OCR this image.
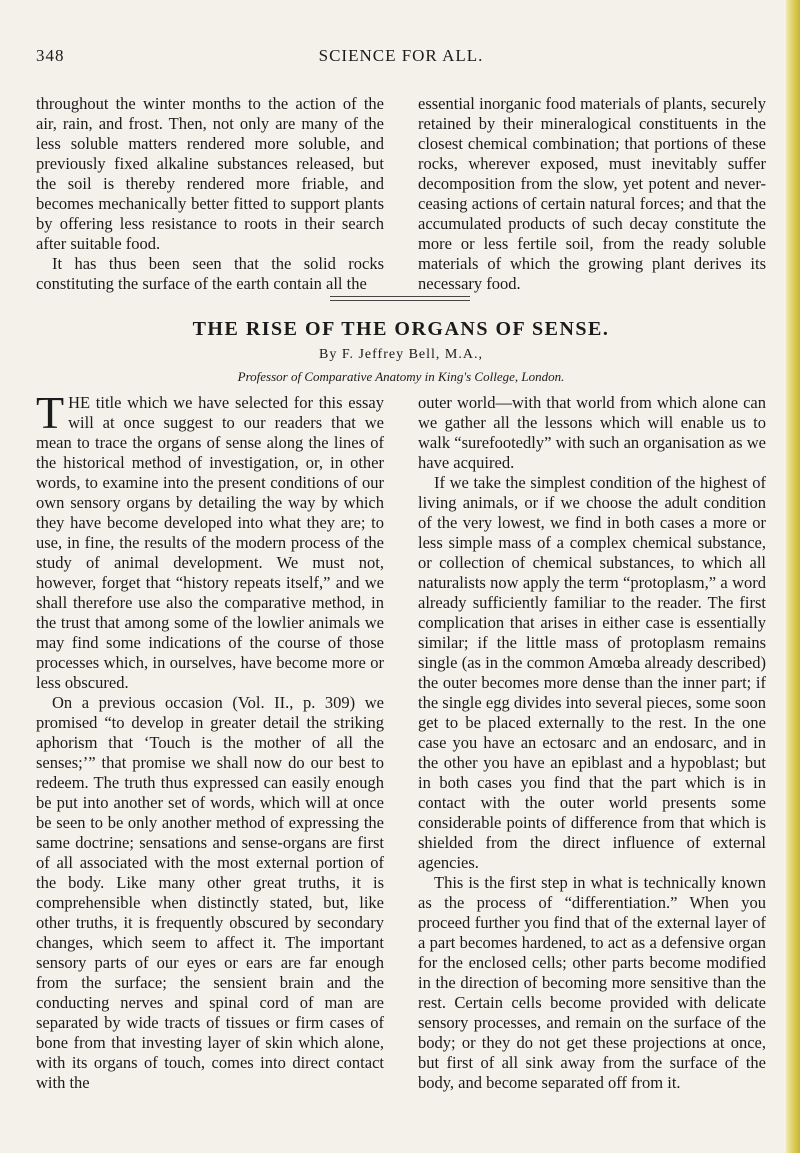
SCIENCE FOR ALL.
348

throughout the winter months to the action of the air, rain, and frost. Then, not only are many of the less soluble matters rendered more soluble, and previously fixed alkaline substances released, but the soil is thereby rendered more friable, and becomes mechanically better fitted to support plants by offering less resistance to roots in their search after suitable food.

It has thus been seen that the solid rocks constituting the surface of the earth contain all the

essential inorganic food materials of plants, securely retained by their mineralogical constituents in the closest chemical combination; that portions of these rocks, wherever exposed, must inevitably suffer decomposition from the slow, yet potent and never-ceasing actions of certain natural forces; and that the accumulated products of such decay constitute the more or less fertile soil, from the ready soluble materials of which the growing plant derives its necessary food.

THE RISE OF THE ORGANS OF SENSE.
By F. Jeffrey Bell, M.A.,
Professor of Comparative Anatomy in King's College, London.

THE title which we have selected for this essay will at once suggest to our readers that we mean to trace the organs of sense along the lines of the historical method of investigation, or, in other words, to examine into the present conditions of our own sensory organs by detailing the way by which they have become developed into what they are; to use, in fine, the results of the modern process of the study of animal development. We must not, however, forget that “history repeats itself,” and we shall therefore use also the comparative method, in the trust that among some of the lowlier animals we may find some indications of the course of those processes which, in ourselves, have become more or less obscured.

On a previous occasion (Vol. II., p. 309) we promised “to develop in greater detail the striking aphorism that ‘Touch is the mother of all the senses;’” that promise we shall now do our best to redeem. The truth thus expressed can easily enough be put into another set of words, which will at once be seen to be only another method of expressing the same doctrine; sensations and sense-organs are first of all associated with the most external portion of the body. Like many other great truths, it is comprehensible when distinctly stated, but, like other truths, it is frequently obscured by secondary changes, which seem to affect it. The important sensory parts of our eyes or ears are far enough from the surface; the sensient brain and the conducting nerves and spinal cord of man are separated by wide tracts of tissues or firm cases of bone from that investing layer of skin which alone, with its organs of touch, comes into direct contact with the

outer world—with that world from which alone can we gather all the lessons which will enable us to walk “surefootedly” with such an organisation as we have acquired.

If we take the simplest condition of the highest of living animals, or if we choose the adult condition of the very lowest, we find in both cases a more or less simple mass of a complex chemical substance, or collection of chemical substances, to which all naturalists now apply the term “protoplasm,” a word already sufficiently familiar to the reader. The first complication that arises in either case is essentially similar; if the little mass of protoplasm remains single (as in the common Amœba already described) the outer becomes more dense than the inner part; if the single egg divides into several pieces, some soon get to be placed externally to the rest. In the one case you have an ectosarc and an endosarc, and in the other you have an epiblast and a hypoblast; but in both cases you find that the part which is in contact with the outer world presents some considerable points of difference from that which is shielded from the direct influence of external agencies.

This is the first step in what is technically known as the process of “differentiation.” When you proceed further you find that of the external layer of a part becomes hardened, to act as a defensive organ for the enclosed cells; other parts become modified in the direction of becoming more sensitive than the rest. Certain cells become provided with delicate sensory processes, and remain on the surface of the body; or they do not get these projections at once, but first of all sink away from the surface of the body, and become separated off from it.
